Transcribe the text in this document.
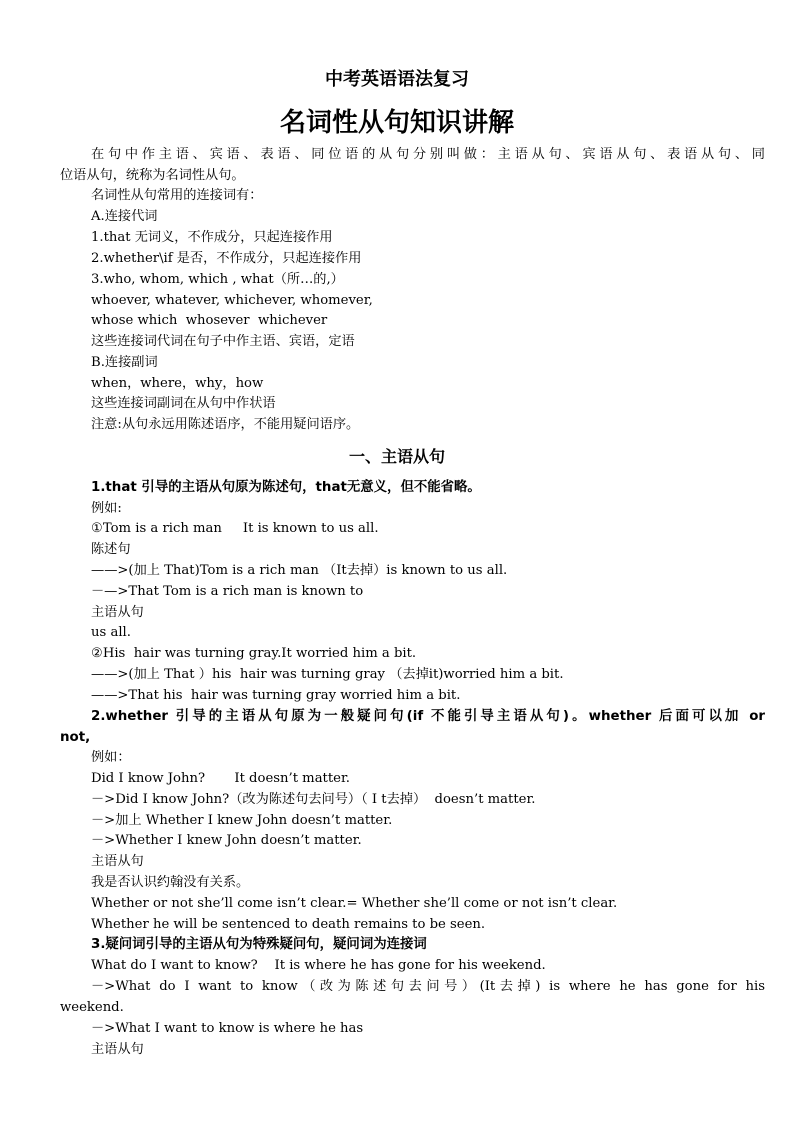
中考英语语法复习
名词性从句知识讲解
在句中作主语、宾语、表语、同位语的从句分别叫做：主语从句、宾语从句、表语从句、同
位语从句，统称为名词性从句。
名词性从句常用的连接词有：
A.连接代词
1.that 无词义，不作成分，只起连接作用
2.whether\if 是否，不作成分，只起连接作用
3.who, whom, which , what（所…的,）
whoever, whatever, whichever, whomever,
whose which  whosever  whichever
这些连接词代词在句子中作主语、宾语，定语
B.连接副词
when，where，why，how
这些连接词副词在从句中作状语
注意:从句永远用陈述语序，不能用疑问语序。
一、主语从句
1.that 引导的主语从句原为陈述句，that无意义，但不能省略。
例如:
①Tom is a rich man     It is known to us all.
陈述句
——>(加上 That)Tom is a rich man （It去掉）is known to us all.
－—>That Tom is a rich man is known to
主语从句
us all.
②His  hair was turning gray.It worried him a bit.
——>(加上 That ）his  hair was turning gray （去掉it)worried him a bit.
——>That his  hair was turning gray worried him a bit.
2.whether 引导的主语从句原为一般疑问句(if 不能引导主语从句)。whether 后面可以加 or
not,
例如：
Did I know John?       It doesn’t matter.
－>Did I know John?（改为陈述句去问号）（ I t去掉）  doesn’t matter.
－>加上 Whether I knew John doesn’t matter.
－>Whether I knew John doesn’t matter.
主语从句
我是否认识约翰没有关系。
Whether or not she’ll come isn’t clear.= Whether she’ll come or not isn’t clear.
Whether he will be sentenced to death remains to be seen.
3.疑问词引导的主语从句为特殊疑问句，疑问词为连接词
What do I want to know?    It is where he has gone for his weekend.
－>What do I want to know（改为陈述句去问号）(It去掉) is where he has gone for his
weekend.
－>What I want to know is where he has
主语从句
